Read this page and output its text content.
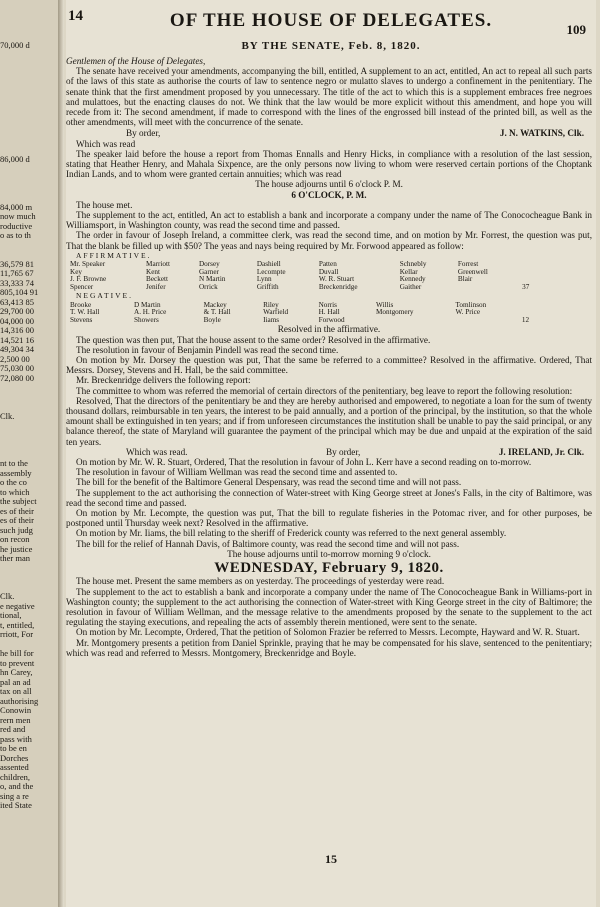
70,000 d
86,000 d
84,000 m
now much
roductive
o as to th
36,579 81
11,765 67
33,333 74
805,104 91
63,413 85
29,700 00
04,000 00
14,316 00
14,521 16
49,304 34
2,500 00
75,030 00
72,080 00
Clk.
nt to the
assembly
o the co
to which
the subject
es of their
es of their
such judg
on recon
he justice
ther man
Clk.
e negative
tional,
t, entitled,
rriott, For
he bill for
to prevent
hn Carey,
pal an ad
tax on all
authorising
Conowin
rern men
red and
pass with
to be en
Dorches
assented
children,
o, and the
sing a re
ited State
14	OF THE HOUSE OF DELEGATES.	109
BY THE SENATE, Feb. 8, 1820.

Gentlemen of the House of Delegates,

The senate have received your amendments, accompanying the bill, entitled, A supplement to an act, entitled, An act to repeal all such parts of the laws of this state as authorise the courts of law to sentence negro or mulatto slaves to undergo a confinement in the penitentiary. The senate think that the first amendment proposed by you unnecessary. The title of the act to which this is a supplement embraces free negroes and mulattoes, but the enacting clauses do not. We think that the law would be more explicit without this amendment, and hope you will recede from it: The second amendment, if made to correspond with the lines of the engrossed bill instead of the printed bill, as well as the other amendments, will meet with the concurrence of the senate.

By order,	J. N. WATKINS, Clk.

Which was read

The speaker laid before the house a report from Thomas Ennalls and Henry Hicks, in compliance with a resolution of the last session, stating that Heather Henry, and Mahala Sixpence, are the only persons now living to whom were reserved certain portions of the Choptank Indian Lands, and to whom were granted certain annuities; which was read

The house adjourns until 6 o'clock P. M.

6 O'CLOCK, P. M.

The house met.

The supplement to the act, entitled, An act to establish a bank and incorporate a company under the name of The Conococheague Bank in Williamsport, in Washington county, was read the second time and passed.

The order in favour of Joseph Ireland, a committee clerk, was read the second time, and on motion by Mr. Forrest, the question was put, That the blank be filled up with $50? The yeas and nays being required by Mr. Forwood appeared as follow:

AFFIRMATIVE.

Mr. Speaker	Marriott	Dorsey	Dashiell	Patten	Schnebly	Forrest	
Key	Kent	Garner	Lecompte	Duvall	Kellar	Greenwell	
J. F. Browne	Beckett	N Martin	Lynn	W. R. Stuart	Kennedy	Blair	
Spencer	Jenifer	Orrick	Griffith	Breckenridge	Gaither		37

NEGATIVE.

Brooke	D Martin	Mackey	Riley	Norris	Willis	Tomlinson	
T. W. Hall	A. H. Price	& T. Hall	Warfield	H. Hall	Montgomery	W. Price	
Stevens	Showers	Boyle	Iiams	Forwood			12

Resolved in the affirmative.

The question was then put, That the house assent to the same order? Resolved in the affirmative.

The resolution in favour of Benjamin Pindell was read the second time.

On motion by Mr. Dorsey the question was put, That the same be referred to a committee? Resolved in the affirmative. Ordered, That Messrs. Dorsey, Stevens and H. Hall, be the said committee.

Mr. Breckenridge delivers the following report:

The committee to whom was referred the memorial of certain directors of the penitentiary, beg leave to report the following resolution:

Resolved, That the directors of the penitentiary be and they are hereby authorised and empowered, to negotiate a loan for the sum of twenty thousand dollars, reimbursable in ten years, the interest to be paid annually, and a portion of the principal, by the institution, so that the whole amount shall be extinguished in ten years; and if from unforeseen circumstances the institution shall be unable to pay the said principal, or any balance thereof, the state of Maryland will guarantee the payment of the principal which may be due and unpaid at the expiration of the said ten years.

Which was read.	By order,	J. IRELAND, Jr. Clk.

On motion by Mr. W. R. Stuart, Ordered, That the resolution in favour of John L. Kerr have a second reading on to-morrow.

The resolution in favour of William Wellman was read the second time and assented to.

The bill for the benefit of the Baltimore General Despensary, was read the second time and will not pass.

The supplement to the act authorising the connection of Water-street with King George street at Jones's Falls, in the city of Baltimore, was read the second time and passed.

On motion by Mr. Lecompte, the question was put, That the bill to regulate fisheries in the Potomac river, and for other purposes, be postponed until Thursday week next? Resolved in the affirmative.

On motion by Mr. Iiams, the bill relating to the sheriff of Frederick county was referred to the next general assembly.

The bill for the relief of Hannah Davis, of Baltimore county, was read the second time and will not pass.

The house adjourns until to-morrow morning 9 o'clock.

WEDNESDAY, February 9, 1820.

The house met. Present the same members as on yesterday. The proceedings of yesterday were read.

The supplement to the act to establish a bank and incorporate a company under the name of The Conococheague Bank in Williams-port in Washington county; the supplement to the act authorising the connection of Water-street with King George street in the city of Baltimore; the resolution in favour of William Wellman, and the message relative to the amendments proposed by the senate to the supplement to the act regulating the staying executions, and repealing the acts of assembly therein mentioned, were sent to the senate.

On motion by Mr. Lecompte, Ordered, That the petition of Solomon Frazier be referred to Messrs. Lecompte, Hayward and W. R. Stuart.

Mr. Montgomery presents a petition from Daniel Sprinkle, praying that he may be compensated for his slave, sentenced to the penitentiary; which was read and referred to Messrs. Montgomery, Breckenridge and Boyle.

15
